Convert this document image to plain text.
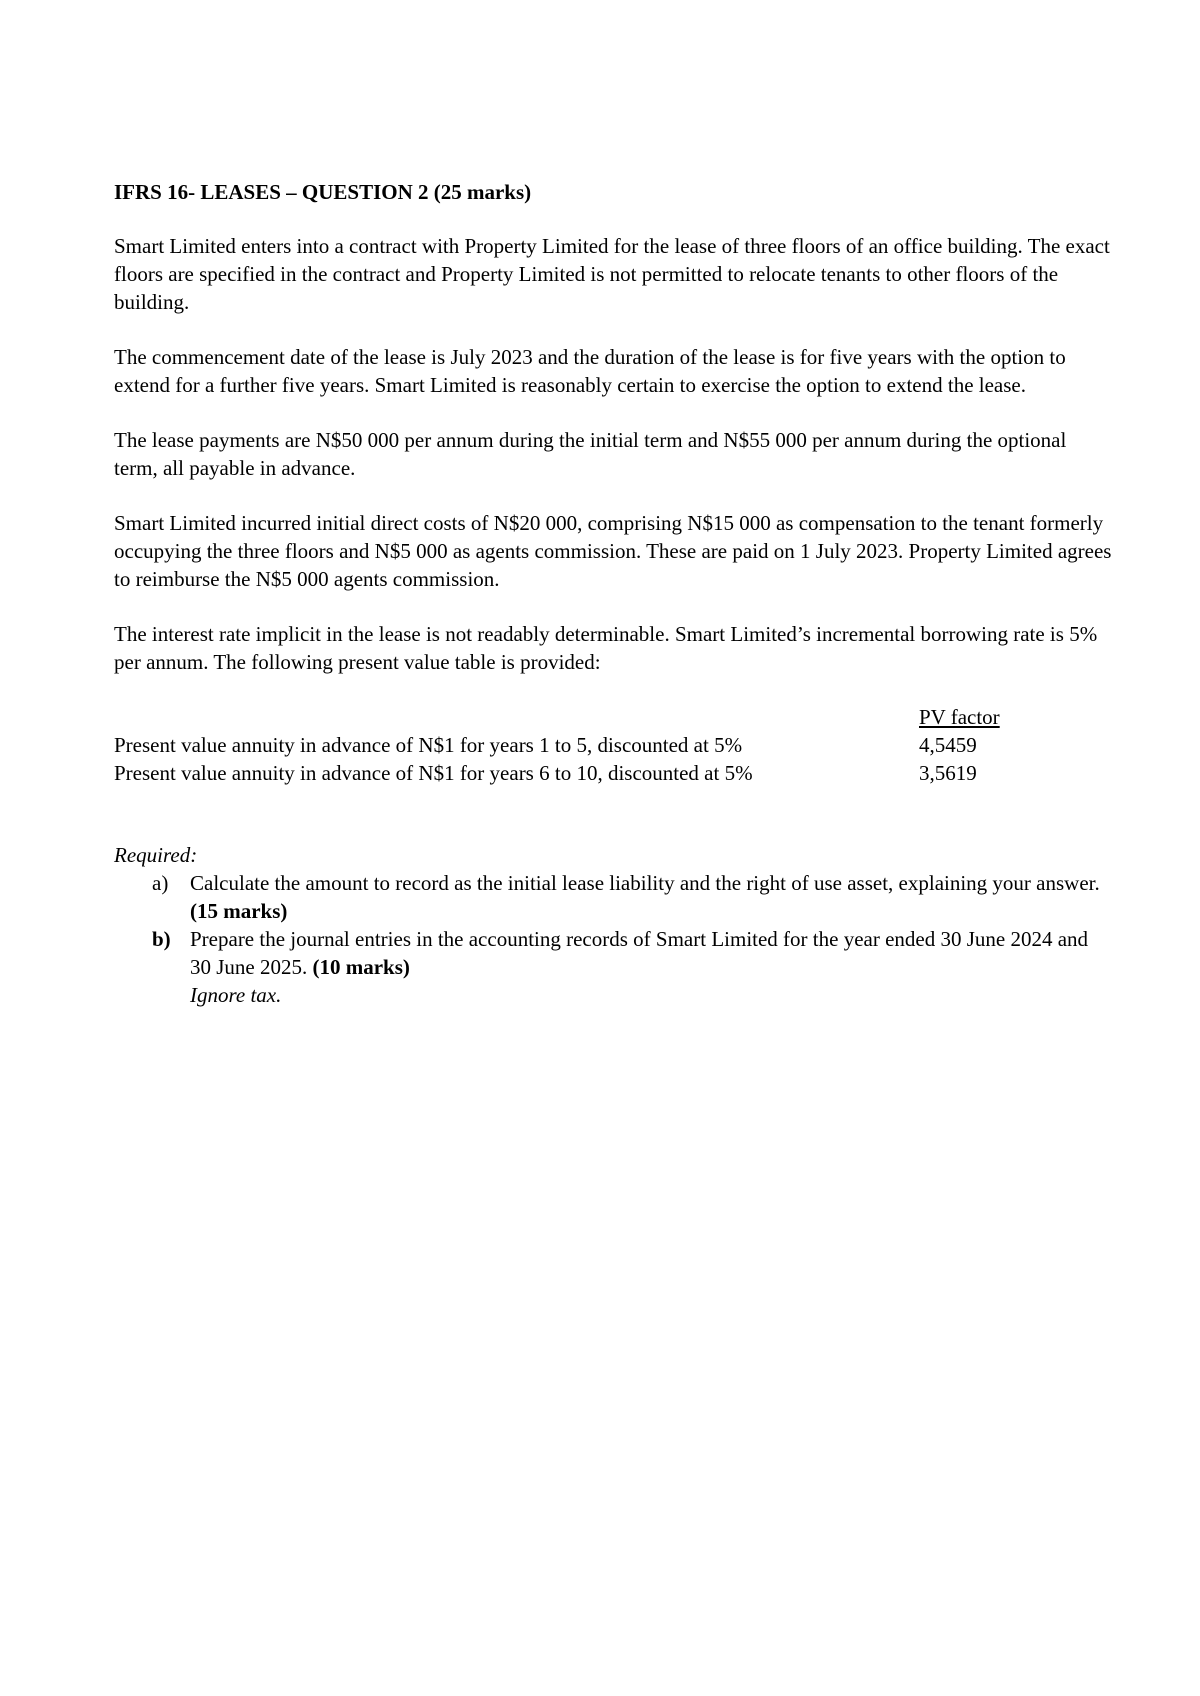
IFRS 16- LEASES – QUESTION 2 (25 marks)

Smart Limited enters into a contract with Property Limited for the lease of three floors of an office building. The exact floors are specified in the contract and Property Limited is not permitted to relocate tenants to other floors of the building.

The commencement date of the lease is July 2023 and the duration of the lease is for five years with the option to extend for a further five years. Smart Limited is reasonably certain to exercise the option to extend the lease.

The lease payments are N$50 000 per annum during the initial term and N$55 000 per annum during the optional term, all payable in advance.

Smart Limited incurred initial direct costs of N$20 000, comprising N$15 000 as compensation to the tenant formerly occupying the three floors and N$5 000 as agents commission. These are paid on 1 July 2023. Property Limited agrees to reimburse the N$5 000 agents commission.

The interest rate implicit in the lease is not readably determinable. Smart Limited’s incremental borrowing rate is 5% per annum. The following present value table is provided:

PV factor
Present value annuity in advance of N$1 for years 1 to 5, discounted at 5%	4,5459
Present value annuity in advance of N$1 for years 6 to 10, discounted at 5%	3,5619
Required:
a) Calculate the amount to record as the initial lease liability and the right of use asset, explaining your answer. (15 marks)
b) Prepare the journal entries in the accounting records of Smart Limited for the year ended 30 June 2024 and 30 June 2025. (10 marks)
Ignore tax.
